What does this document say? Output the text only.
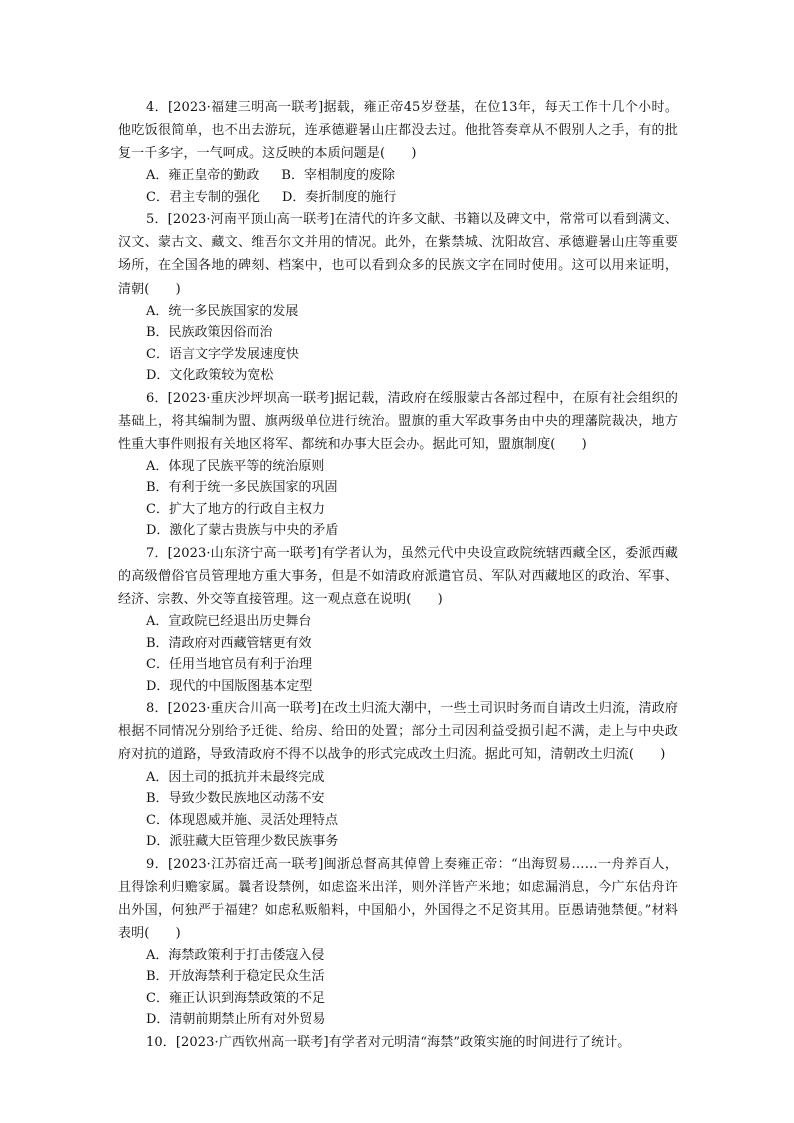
4．[2023·福建三明高一联考]据载，雍正帝45岁登基，在位13年，每天工作十几个小时。他吃饭很简单，也不出去游玩，连承德避暑山庄都没去过。他批答奏章从不假别人之手，有的批复一千多字，一气呵成。这反映的本质问题是(　　)

A．雍正皇帝的勤政 B．宰相制度的废除
C．君主专制的强化 D．奏折制度的施行

5．[2023·河南平顶山高一联考]在清代的许多文献、书籍以及碑文中，常常可以看到满文、汉文、蒙古文、藏文、维吾尔文并用的情况。此外，在紫禁城、沈阳故宫、承德避暑山庄等重要场所，在全国各地的碑刻、档案中，也可以看到众多的民族文字在同时使用。这可以用来证明，清朝(　　)

A．统一多民族国家的发展
B．民族政策因俗而治
C．语言文字学发展速度快
D．文化政策较为宽松

6．[2023·重庆沙坪坝高一联考]据记载，清政府在绥服蒙古各部过程中，在原有社会组织的基础上，将其编制为盟、旗两级单位进行统治。盟旗的重大军政事务由中央的理藩院裁决，地方性重大事件则报有关地区将军、都统和办事大臣会办。据此可知，盟旗制度(　　)

A．体现了民族平等的统治原则
B．有利于统一多民族国家的巩固
C．扩大了地方的行政自主权力
D．激化了蒙古贵族与中央的矛盾

7．[2023·山东济宁高一联考]有学者认为，虽然元代中央设宣政院统辖西藏全区，委派西藏的高级僧俗官员管理地方重大事务，但是不如清政府派遣官员、军队对西藏地区的政治、军事、经济、宗教、外交等直接管理。这一观点意在说明(　　)

A．宣政院已经退出历史舞台
B．清政府对西藏管辖更有效
C．任用当地官员有利于治理
D．现代的中国版图基本定型

8．[2023·重庆合川高一联考]在改土归流大潮中，一些土司识时务而自请改土归流，清政府根据不同情况分别给予迁徙、给房、给田的处置；部分土司因利益受损引起不满，走上与中央政府对抗的道路，导致清政府不得不以战争的形式完成改土归流。据此可知，清朝改土归流(　　)

A．因土司的抵抗并未最终完成
B．导致少数民族地区动荡不安
C．体现恩威并施、灵活处理特点
D．派驻藏大臣管理少数民族事务

9．[2023·江苏宿迁高一联考]闽浙总督高其倬曾上奏雍正帝：“出海贸易……一舟养百人，且得馀利归赡家属。曩者设禁例，如虑盗米出洋，则外洋皆产米地；如虑漏消息，今广东估舟许出外国，何独严于福建？如虑私贩船料，中国船小，外国得之不足资其用。臣愚请弛禁便。”材料表明(　　)

A．海禁政策利于打击倭寇入侵
B．开放海禁利于稳定民众生活
C．雍正认识到海禁政策的不足
D．清朝前期禁止所有对外贸易

10．[2023·广西钦州高一联考]有学者对元明清“海禁”政策实施的时间进行了统计。
